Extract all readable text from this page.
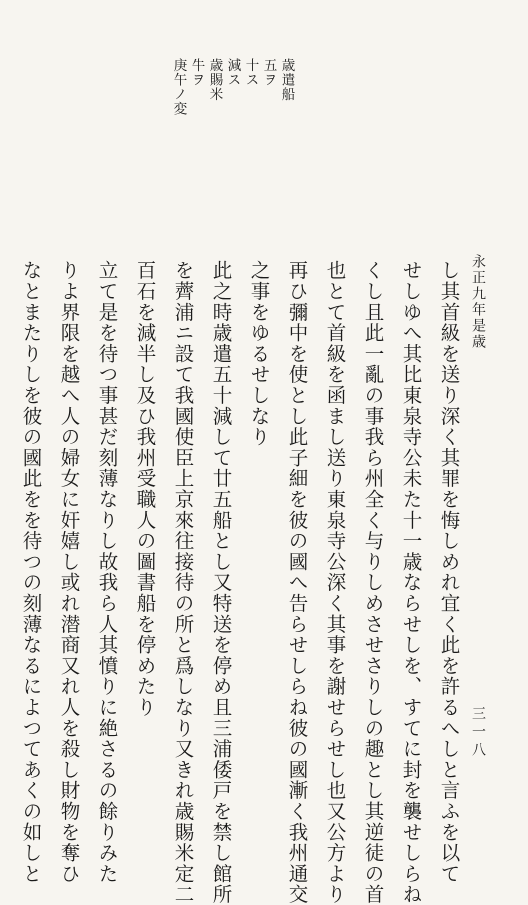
歳遣船
五ヲ
十ス
減ス
歳賜米
牛ヲ
庚午ノ変
永正九年是歳
三一八
し其首級を送り深く其罪を悔しめれ宜く此を許るへしと言ふを以て
せしゆへ其比東泉寺公未た十一歳ならせしを、すてに封を襲せしらね
くし且此一亂の事我ら州全く与りしめさせさりしの趣とし其逆徒の首
也とて首級を函まし送り東泉寺公深く其事を謝せらせし也又公方より
再ひ彌中を使とし此子細を彼の國へ告らせしらね彼の國漸く我州通交
之事をゆるせしなり
此之時歳遣五十減して廿五船とし又特送を停め且三浦倭戸を禁し館所
を薺浦ニ設て我國使臣上京來往接待の所と爲しなり又きれ歳賜米定二
百石を減半し及ひ我州受職人の圖書船を停めたり
立て是を待つ事甚だ刻薄なりし故我ら人其憤りに絶さるの餘りみた
りよ界限を越へ人の婦女に奸嬉し或れ潜商又れ人を殺し財物を奪ひ
なとまたりしを彼の國此をを待つの刻薄なるによつてあくの如しと
